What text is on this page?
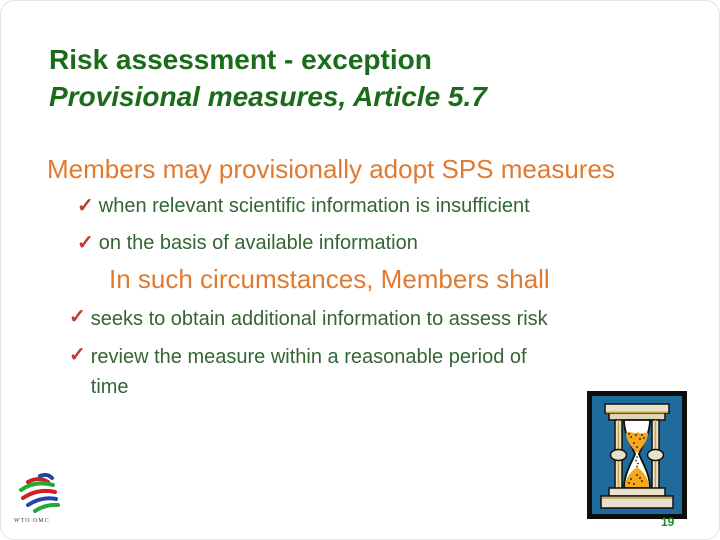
Risk assessment - exception
Provisional measures, Article 5.7
Members may provisionally adopt SPS measures
✓ when relevant scientific information is insufficient
✓ on the basis of available information
In such circumstances, Members shall
✓ seeks to obtain additional information to assess risk
✓ review the measure within a reasonable period of time
WTO OMC	19
